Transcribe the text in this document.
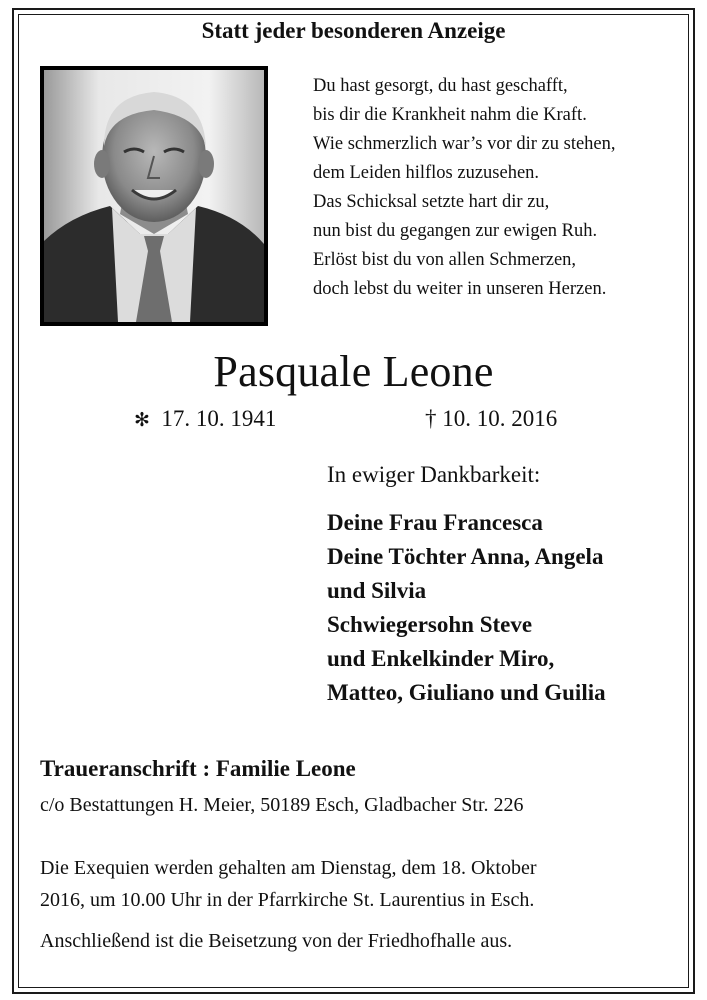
Statt jeder besonderen Anzeige
Du hast gesorgt, du hast geschafft,
bis dir die Krankheit nahm die Kraft.
Wie schmerzlich war’s vor dir zu stehen,
dem Leiden hilflos zuzusehen.
Das Schicksal setzte hart dir zu,
nun bist du gegangen zur ewigen Ruh.
Erlöst bist du von allen Schmerzen,
doch lebst du weiter in unseren Herzen.
Pasquale Leone
✻ 17. 10. 1941	† 10. 10. 2016
In ewiger Dankbarkeit:
Deine Frau Francesca
Deine Töchter Anna, Angela
und Silvia
Schwiegersohn Steve
und Enkelkinder Miro,
Matteo, Giuliano und Guilia
Traueranschrift : Familie Leone
c/o Bestattungen H. Meier, 50189 Esch, Gladbacher Str. 226
Die Exequien werden gehalten am Dienstag, dem 18. Oktober
2016, um 10.00 Uhr in der Pfarrkirche St. Laurentius in Esch.
Anschließend ist die Beisetzung von der Friedhofhalle aus.
